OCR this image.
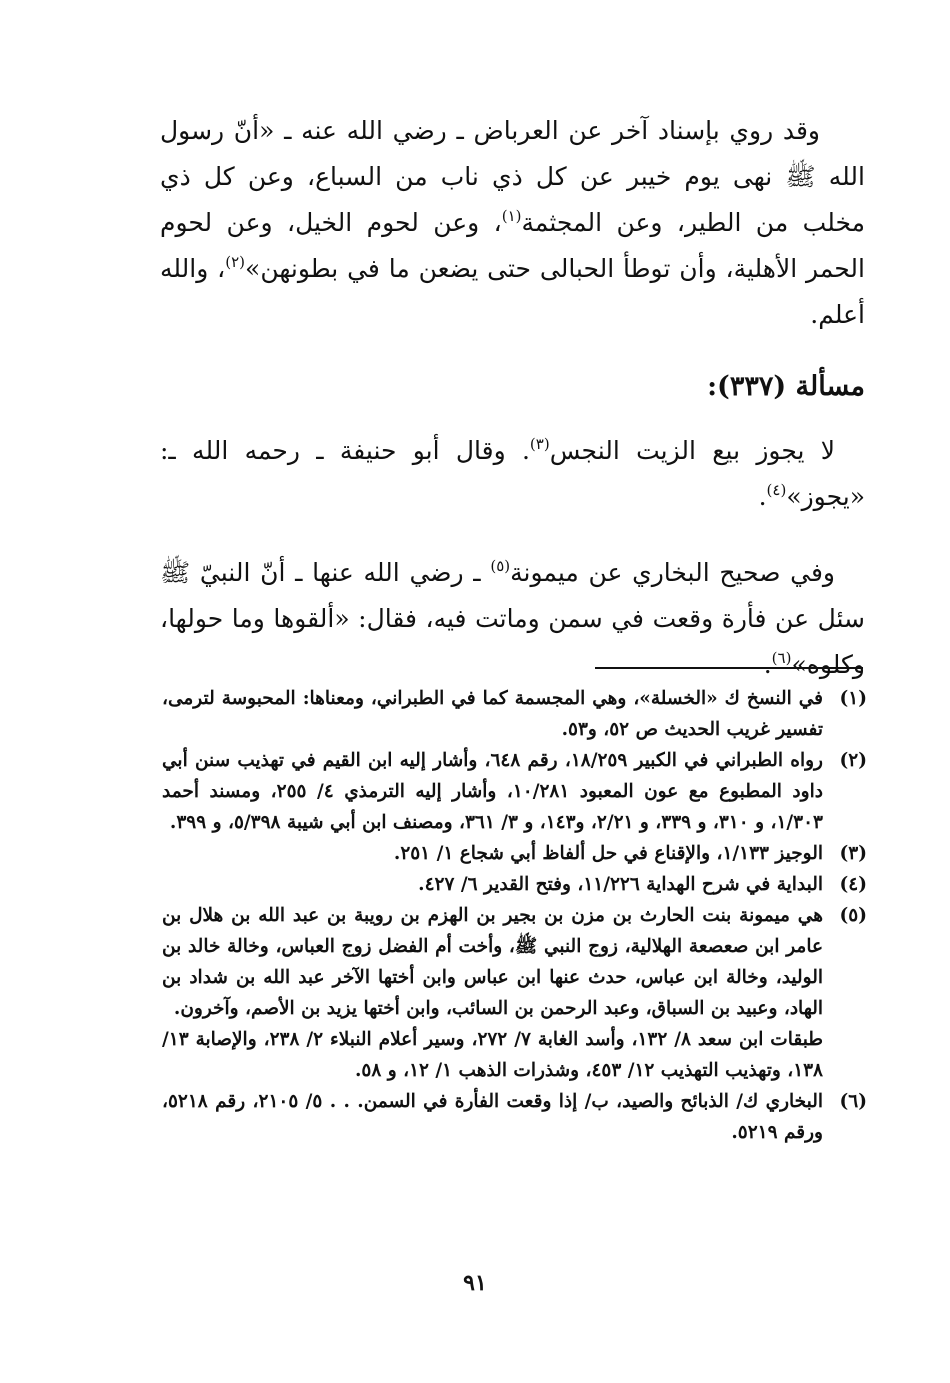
وقد روي بإسناد آخر عن العرباض ـ رضي الله عنه ـ «أنّ رسول الله ﷺ نهى يوم خيبر عن كل ذي ناب من السباع، وعن كل ذي مخلب من الطير، وعن المجثمة$^{(١)}$، وعن لحوم الخيل، وعن لحوم الحمر الأهلية، وأن توطأ الحبالى حتى يضعن ما في بطونهن»$^{(٢)}$، والله أعلم.

مسألة (٣٣٧):

لا يجوز بيع الزيت النجس$^{(٣)}$. وقال أبو حنيفة ـ رحمه الله ـ: «يجوز»$^{(٤)}$.

وفي صحيح البخاري عن ميمونة$^{(٥)}$ ـ رضي الله عنها ـ أنّ النبيّ ﷺ سئل عن فأرة وقعت في سمن وماتت فيه، فقال: «ألقوها وما حولها، وكلوه»$^{(٦)}$.

(١)
في النسخ ك «الخسلة»، وهي المجسمة كما في الطبراني، ومعناها: المحبوسة لترمى، تفسير غريب الحديث ص ٥٢، و٥٣.
(٢)
رواه الطبراني في الكبير ١٨/٢٥٩، رقم ٦٤٨، وأشار إليه ابن القيم في تهذيب سنن أبي داود المطبوع مع عون المعبود ١٠/٢٨١، وأشار إليه الترمذي ٤/ ٢٥٥، ومسند أحمد ١/٣٠٣، و ٣١٠، و ٣٣٩، و ٢/٢١، و١٤٣، و ٣/ ٣٦١، ومصنف ابن أبي شيبة ٥/٣٩٨، و ٣٩٩.
(٣)
الوجيز ١/١٣٣، والإقناع في حل ألفاظ أبي شجاع ١/ ٢٥١.
(٤)
البداية في شرح الهداية ١١/٢٢٦، وفتح القدير ٦/ ٤٢٧.
(٥)
هي ميمونة بنت الحارث بن مزن بن بجير بن الهزم بن رويبة بن عبد الله بن هلال بن عامر ابن صعصعة الهلالية، زوج النبي ﷺ، وأخت أم الفضل زوج العباس، وخالة خالد بن الوليد، وخالة ابن عباس، حدث عنها ابن عباس وابن أختها الآخر عبد الله بن شداد بن الهاد، وعبيد بن السباق، وعبد الرحمن بن السائب، وابن أختها يزيد بن الأصم، وآخرون.
طبقات ابن سعد ٨/ ١٣٢، وأسد الغابة ٧/ ٢٧٢، وسير أعلام النبلاء ٢/ ٢٣٨، والإصابة ١٣/ ١٣٨، وتهذيب التهذيب ١٢/ ٤٥٣، وشذرات الذهب ١/ ١٢، و ٥٨.
(٦)
البخاري ك/ الذبائح والصيد، ب/ إذا وقعت الفأرة في السمن. . . ٥/ ٢١٠٥، رقم ٥٢١٨، ورقم ٥٢١٩.
٩١
